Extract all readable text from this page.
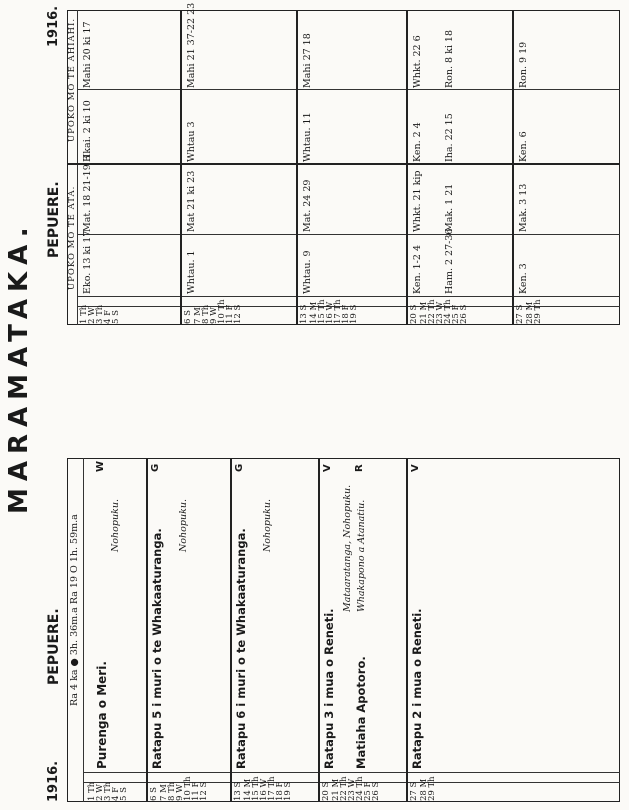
MARAMATAKA.
1916.
PEPUERE. Ra 4 ka ● 3h. 36m.a Ra 19 O 1h. 59m.a
1 Th
2 W
3 Th
4 F
5 S
Purenga o Meri.
Nohopuku.
W
6 S 7 M
8 Th
9 W
10 Th
11 F
12 S
Ratapu 5 i muri o te Whakaaturanga.
Nohopuku.
G
13 S 14 M
15 Th
16 W
17 Th
18 F
19 S
Ratapu 6 i muri o te Whakaaturanga.
Nohopuku.
G
20 S 21 M
22 Th
23 W
24 Th
25 F
26 S
Ratapu 3 i mua o Reneti. Matiaha Apotoro.
Mataaratanga, Nohopuku. Whakapono a Atanatiu.
V R
27 S 28 M
29 Th
Ratapu 2 i mua o Reneti.
V
PEPUERE.
1916.
UPOKO MO TE ATA.
UPOKO MO TE AHIAHI.
1 Th
2 W
3 Th
4 F
5 S
Eko. 13 ki 17
Mat. 18 21-19 3
Hkai. 2 ki 10
Mahi 20 ki 17
6 S 7 M
8 Th
9 W
10 Th
11 F
12 S
Whtau. 1
Mat 21 ki 23
Whtau 3
Mahi 21 37-22 23
13 S 14 M
15 Th
16 W
17 Th
18 F
19 S
Whtau. 9
Mat. 24 29
Whtau. 11
Mahi 27 18
20 S 21 M
22 Th
23 W
24 Th
25 F
26 S
Ken. 1-2 4 Ham. 2 27-36
Whkt. 21 kip Mak. 1 21
Ken. 2 4 Iha. 22 15
Whkt. 22 6 Ron. 8 ki 18
27 S 28 M
29 Th
Ken. 3
Mak. 3 13
Ken. 6
Ron. 9 19
